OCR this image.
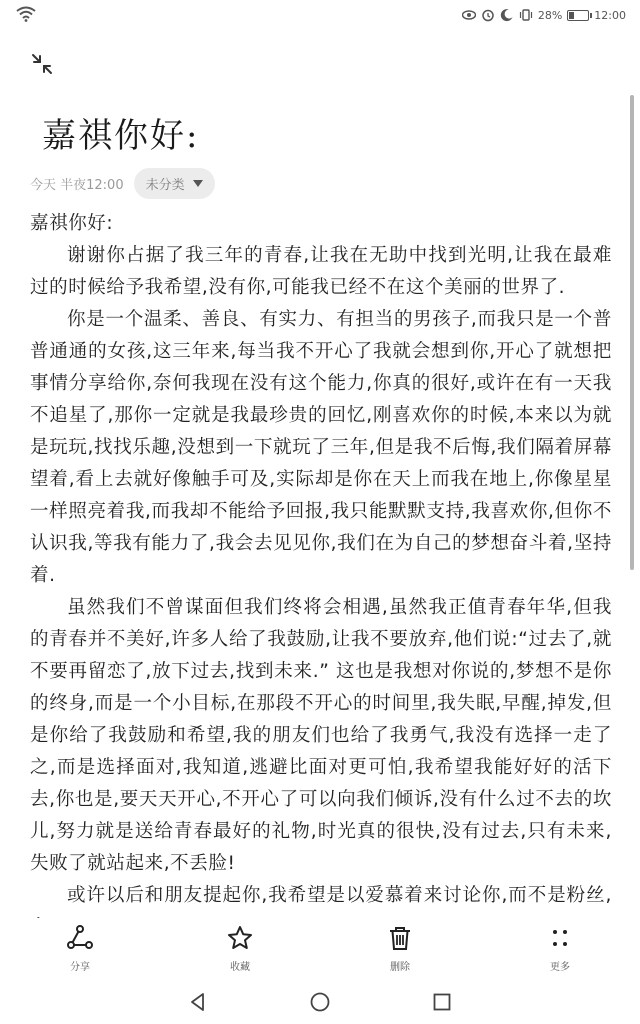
28%	12:00
嘉祺你好:
今天 半夜12:00 未分类

嘉祺你好:

谢谢你占据了我三年的青春,让我在无助中找到光明,让我在最难过的时候给予我希望,没有你,可能我已经不在这个美丽的世界了.

你是一个温柔、善良、有实力、有担当的男孩子,而我只是一个普普通通的女孩,这三年来,每当我不开心了我就会想到你,开心了就想把事情分享给你,奈何我现在没有这个能力,你真的很好,或许在有一天我不追星了,那你一定就是我最珍贵的回忆,刚喜欢你的时候,本来以为就是玩玩,找找乐趣,没想到一下就玩了三年,但是我不后悔,我们隔着屏幕望着,看上去就好像触手可及,实际却是你在天上而我在地上,你像星星一样照亮着我,而我却不能给予回报,我只能默默支持,我喜欢你,但你不认识我,等我有能力了,我会去见见你,我们在为自己的梦想奋斗着,坚持着.

虽然我们不曾谋面但我们终将会相遇,虽然我正值青春年华,但我的青春并不美好,许多人给了我鼓励,让我不要放弃,他们说:“过去了,就不要再留恋了,放下过去,找到未来.” 这也是我想对你说的,梦想不是你的终身,而是一个小目标,在那段不开心的时间里,我失眠,早醒,掉发,但是你给了我鼓励和希望,我的朋友们也给了我勇气,我没有选择一走了之,而是选择面对,我知道,逃避比面对更可怕,我希望我能好好的活下去,你也是,要天天开心,不开心了可以向我们倾诉,没有什么过不去的坎儿,努力就是送给青春最好的礼物,时光真的很快,没有过去,只有未来,失败了就站起来,不丢脸!

或许以后和朋友提起你,我希望是以爱慕着来讨论你,而不是粉丝,

分享	收藏	删除	更多
